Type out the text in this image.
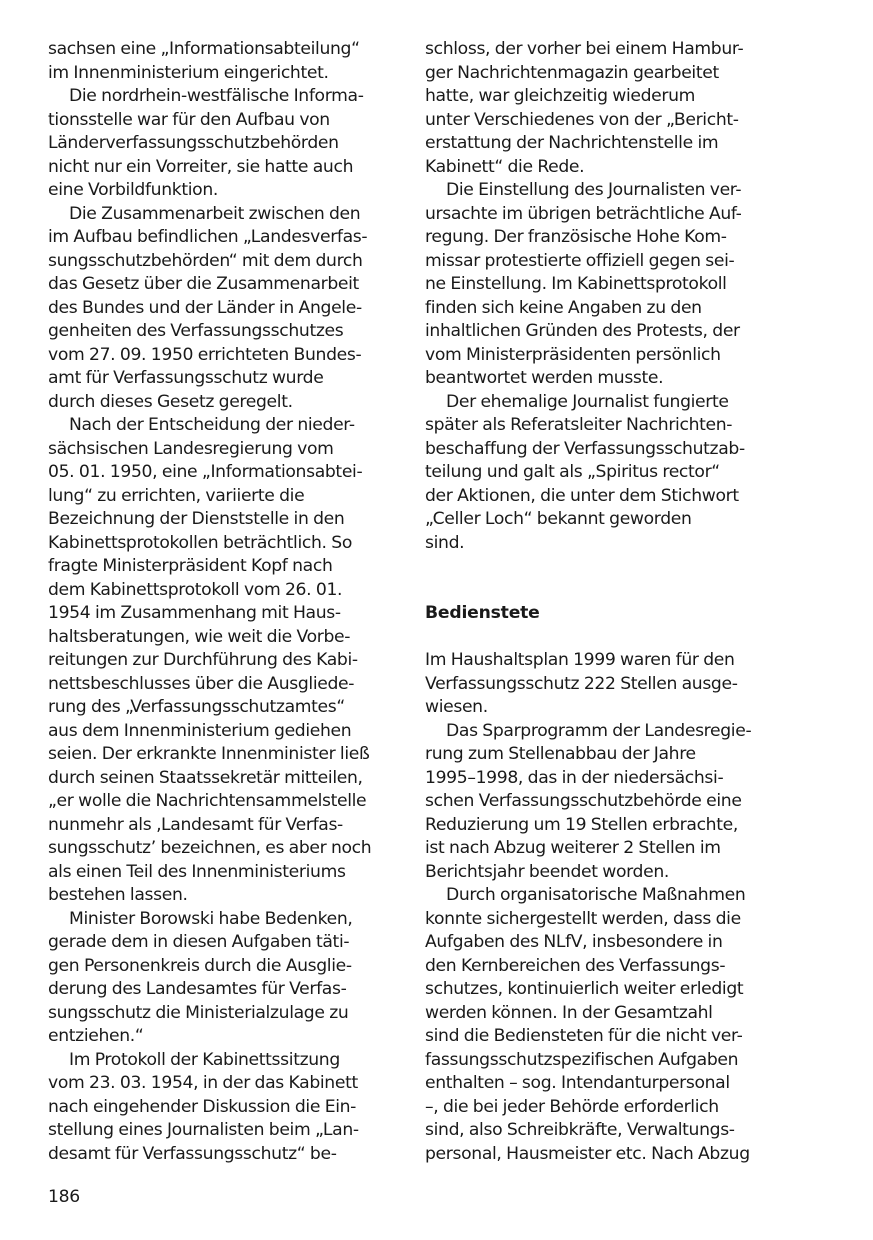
sachsen eine „Informationsabteilung“
im Innenministerium eingerichtet.
Die nordrhein-westfälische Informa-
tionsstelle war für den Aufbau von
Länderverfassungsschutzbehörden
nicht nur ein Vorreiter, sie hatte auch
eine Vorbildfunktion.
Die Zusammenarbeit zwischen den
im Aufbau befindlichen „Landesverfas-
sungsschutzbehörden“ mit dem durch
das Gesetz über die Zusammenarbeit
des Bundes und der Länder in Angele-
genheiten des Verfassungsschutzes
vom 27. 09. 1950 errichteten Bundes-
amt für Verfassungsschutz wurde
durch dieses Gesetz geregelt.
Nach der Entscheidung der nieder-
sächsischen Landesregierung vom
05. 01. 1950, eine „Informationsabtei-
lung“ zu errichten, variierte die
Bezeichnung der Dienststelle in den
Kabinettsprotokollen beträchtlich. So
fragte Ministerpräsident Kopf nach
dem Kabinettsprotokoll vom 26. 01.
1954 im Zusammenhang mit Haus-
haltsberatungen, wie weit die Vorbe-
reitungen zur Durchführung des Kabi-
nettsbeschlusses über die Ausgliede-
rung des „Verfassungsschutzamtes“
aus dem Innenministerium gediehen
seien. Der erkrankte Innenminister ließ
durch seinen Staatssekretär mitteilen,
„er wolle die Nachrichtensammelstelle
nunmehr als ‚Landesamt für Verfas-
sungsschutz’ bezeichnen, es aber noch
als einen Teil des Innenministeriums
bestehen lassen.
Minister Borowski habe Bedenken,
gerade dem in diesen Aufgaben täti-
gen Personenkreis durch die Ausglie-
derung des Landesamtes für Verfas-
sungsschutz die Ministerialzulage zu
entziehen.“
Im Protokoll der Kabinettssitzung
vom 23. 03. 1954, in der das Kabinett
nach eingehender Diskussion die Ein-
stellung eines Journalisten beim „Lan-
desamt für Verfassungsschutz“ be-
schloss, der vorher bei einem Hambur-
ger Nachrichtenmagazin gearbeitet
hatte, war gleichzeitig wiederum
unter Verschiedenes von der „Bericht-
erstattung der Nachrichtenstelle im
Kabinett“ die Rede.
Die Einstellung des Journalisten ver-
ursachte im übrigen beträchtliche Auf-
regung. Der französische Hohe Kom-
missar protestierte offiziell gegen sei-
ne Einstellung. Im Kabinettsprotokoll
finden sich keine Angaben zu den
inhaltlichen Gründen des Protests, der
vom Ministerpräsidenten persönlich
beantwortet werden musste.
Der ehemalige Journalist fungierte
später als Referatsleiter Nachrichten-
beschaffung der Verfassungsschutzab-
teilung und galt als „Spiritus rector“
der Aktionen, die unter dem Stichwort
„Celler Loch“ bekannt geworden
sind.
Bedienstete
Im Haushaltsplan 1999 waren für den
Verfassungsschutz 222 Stellen ausge-
wiesen.
Das Sparprogramm der Landesregie-
rung zum Stellenabbau der Jahre
1995–1998, das in der niedersächsi-
schen Verfassungsschutzbehörde eine
Reduzierung um 19 Stellen erbrachte,
ist nach Abzug weiterer 2 Stellen im
Berichtsjahr beendet worden.
Durch organisatorische Maßnahmen
konnte sichergestellt werden, dass die
Aufgaben des NLfV, insbesondere in
den Kernbereichen des Verfassungs-
schutzes, kontinuierlich weiter erledigt
werden können. In der Gesamtzahl
sind die Bediensteten für die nicht ver-
fassungsschutzspezifischen Aufgaben
enthalten – sog. Intendanturpersonal
–, die bei jeder Behörde erforderlich
sind, also Schreibkräfte, Verwaltungs-
personal, Hausmeister etc. Nach Abzug
186
